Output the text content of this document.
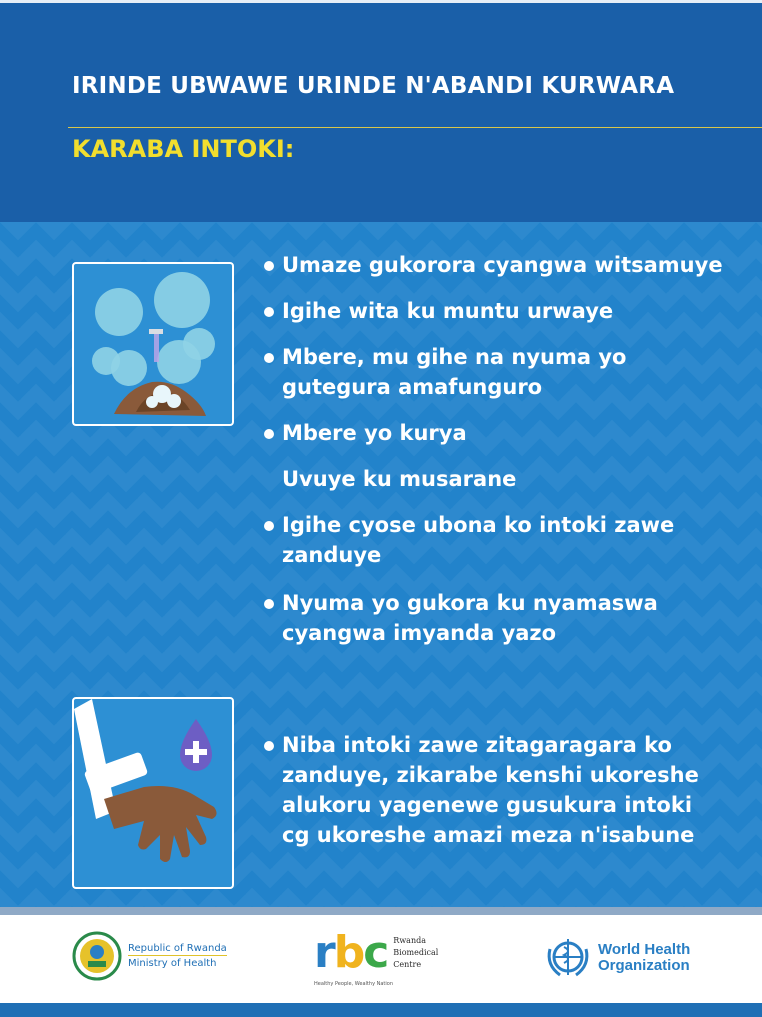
IRINDE UBWAWE URINDE N'ABANDI KURWARA
KARABA INTOKI:
Umaze gukorora cyangwa witsamuye
Igihe wita ku muntu urwaye
Mbere, mu gihe na nyuma yo
gutegura amafunguro
Mbere yo kurya
Uvuye ku musarane
Igihe cyose ubona ko intoki zawe
zanduye
Nyuma yo gukora ku nyamaswa
cyangwa imyanda yazo
Niba intoki zawe zitagaragara ko
zanduye, zikarabe kenshi ukoreshe
alukoru yagenewe gusukura intoki
cg ukoreshe amazi meza n'isabune
Republic of Rwanda
Ministry of Health rbc Rwanda
Biomedical
Centre
Healthy People, Wealthy Nation
World Health
Organization
